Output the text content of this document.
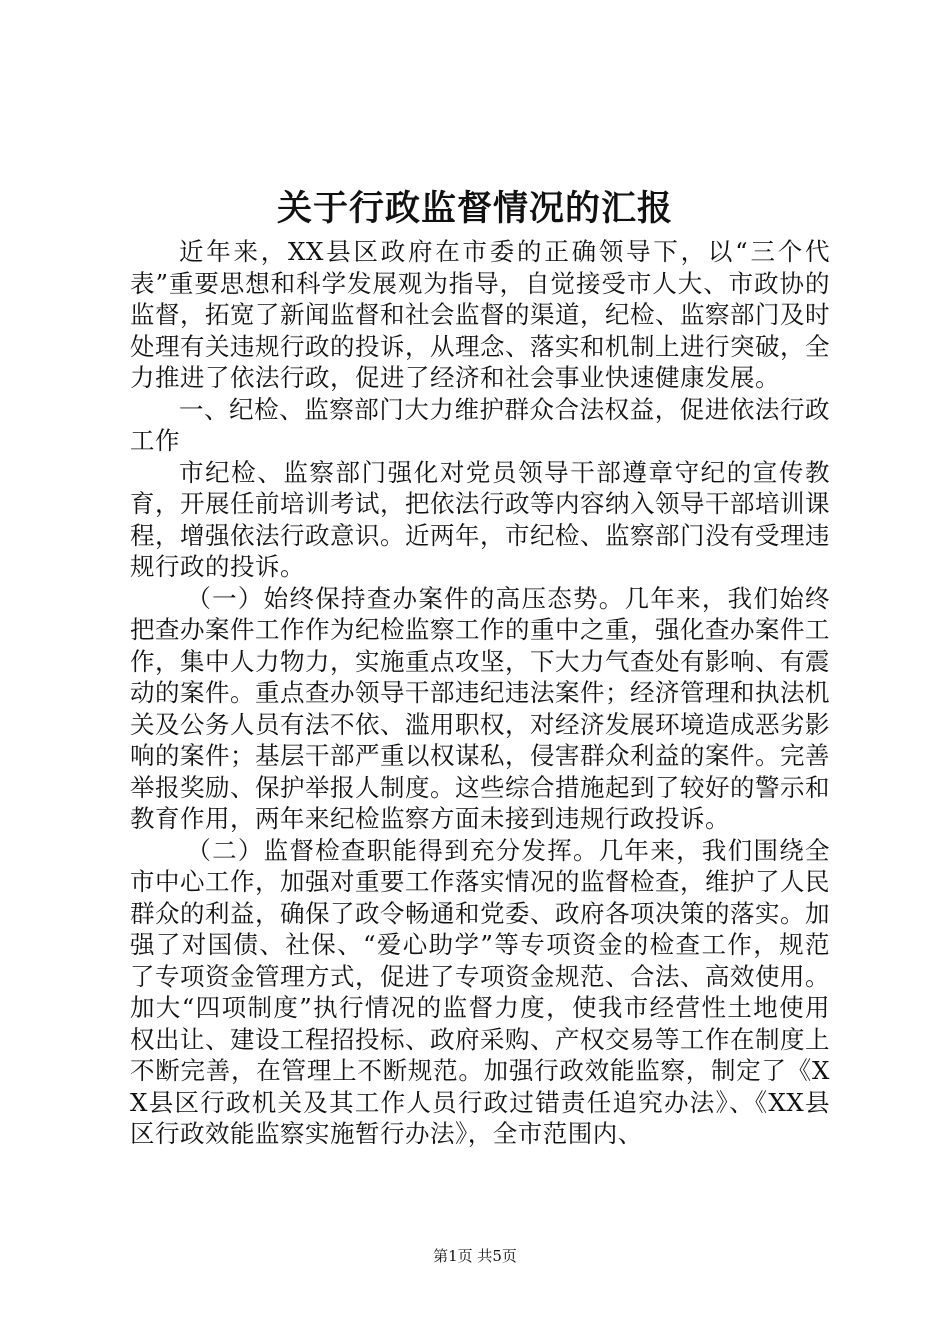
关于行政监督情况的汇报

近年来，XX县区政府在市委的正确领导下，以“三个代表”重要思想和科学发展观为指导，自觉接受市人大、市政协的监督，拓宽了新闻监督和社会监督的渠道，纪检、监察部门及时处理有关违规行政的投诉，从理念、落实和机制上进行突破，全力推进了依法行政，促进了经济和社会事业快速健康发展。

一、纪检、监察部门大力维护群众合法权益，促进依法行政工作

市纪检、监察部门强化对党员领导干部遵章守纪的宣传教育，开展任前培训考试，把依法行政等内容纳入领导干部培训课程，增强依法行政意识。近两年，市纪检、监察部门没有受理违规行政的投诉。

（一）始终保持查办案件的高压态势。几年来，我们始终把查办案件工作作为纪检监察工作的重中之重，强化查办案件工作，集中人力物力，实施重点攻坚，下大力气查处有影响、有震动的案件。重点查办领导干部违纪违法案件；经济管理和执法机关及公务人员有法不依、滥用职权，对经济发展环境造成恶劣影响的案件；基层干部严重以权谋私，侵害群众利益的案件。完善举报奖励、保护举报人制度。这些综合措施起到了较好的警示和教育作用，两年来纪检监察方面未接到违规行政投诉。

（二）监督检查职能得到充分发挥。几年来，我们围绕全市中心工作，加强对重要工作落实情况的监督检查，维护了人民群众的利益，确保了政令畅通和党委、政府各项决策的落实。加强了对国债、社保、“爱心助学”等专项资金的检查工作，规范了专项资金管理方式，促进了专项资金规范、合法、高效使用。加大“四项制度”执行情况的监督力度，使我市经营性土地使用权出让、建设工程招投标、政府采购、产权交易等工作在制度上不断完善，在管理上不断规范。加强行政效能监察，制定了《XX县区行政机关及其工作人员行政过错责任追究办法》、《XX县区行政效能监察实施暂行办法》，全市范围内、

第1页 共5页
